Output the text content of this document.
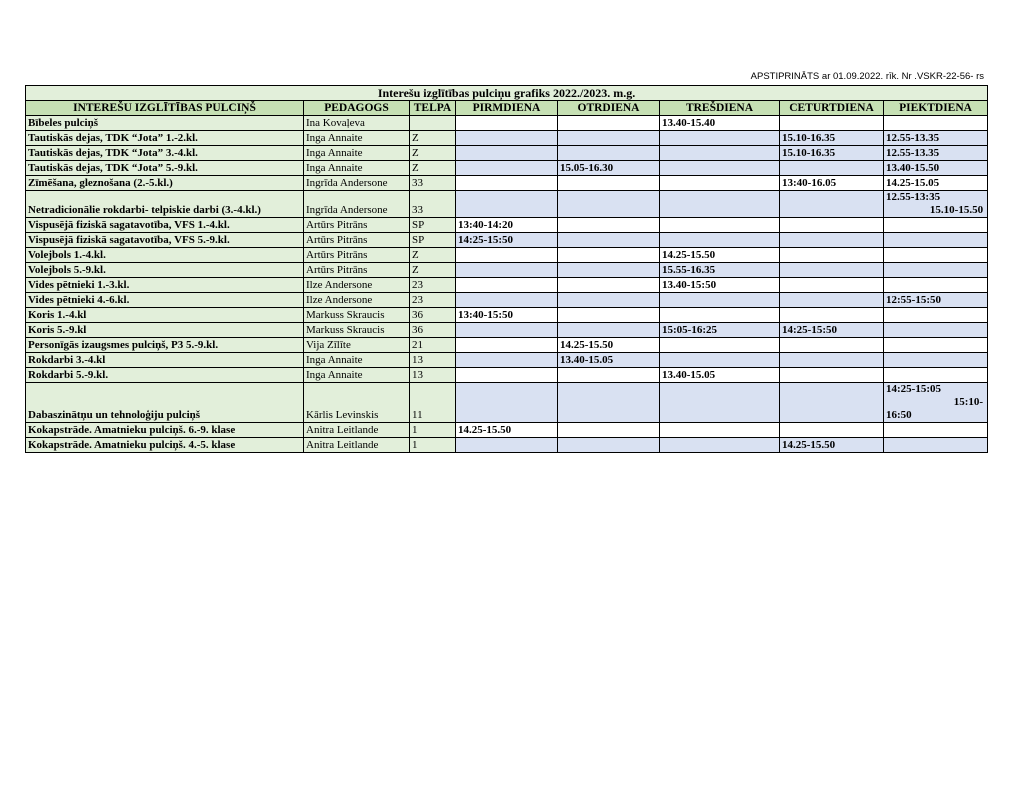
APSTIPRINĀTS ar 01.09.2022. rīk. Nr .VSKR-22-56- rs
Interešu izglītības pulciņu grafiks 2022./2023. m.g.							
INTEREŠU IZGLĪTĪBAS PULCIŅŠ	PEDAGOGS	TELPA	PIRMDIENA	OTRDIENA	TREŠDIENA	CETURTDIENA	PIEKTDIENA
Bībeles pulciņš	Ina Kovaļeva				13.40-15.40		
Tautiskās dejas, TDK “Jota” 1.-2.kl.	Inga Annaite	Z				15.10-16.35	12.55-13.35
Tautiskās dejas, TDK “Jota” 3.-4.kl.	Inga Annaite	Z				15.10-16.35	12.55-13.35
Tautiskās dejas, TDK “Jota” 5.-9.kl.	Inga Annaite	Z		15.05-16.30			13.40-15.50
Zīmēšana, gleznošana (2.-5.kl.)	Ingrīda Andersone	33				13:40-16.05	14.25-15.05
Netradicionālie rokdarbi- telpiskie darbi (3.-4.kl.)	Ingrīda Andersone	33					12.55-13:35
15.10-15.50

Vispusējā fiziskā sagatavotība, VFS 1.-4.kl.	Artūrs Pitrāns	SP	13:40-14:20				
Vispusējā fiziskā sagatavotība, VFS 5.-9.kl.	Artūrs Pitrāns	SP	14:25-15:50				
Volejbols 1.-4.kl.	Artūrs Pitrāns	Z			14.25-15.50		
Volejbols 5.-9.kl.	Artūrs Pitrāns	Z			15.55-16.35		
Vides pētnieki 1.-3.kl.	Ilze Andersone	23			13.40-15:50		
Vides pētnieki 4.-6.kl.	Ilze Andersone	23					12:55-15:50
Koris 1.-4.kl	Markuss Skraucis	36	13:40-15:50				
Koris 5.-9.kl	Markuss Skraucis	36			15:05-16:25	14:25-15:50	
Personīgās izaugsmes pulciņš, P3 5.-9.kl.	Vija Zīlīte	21		14.25-15.50			
Rokdarbi 3.-4.kl	Inga Annaite	13		13.40-15.05			
Rokdarbi 5.-9.kl.	Inga Annaite	13			13.40-15.05		
Dabaszinātņu un tehnoloģiju pulciņš	Kārlis Levinskis	11					14:25-15:05
15:10-
16:50

Kokapstrāde. Amatnieku pulciņš. 6.-9. klase	Anitra Leitlande	1	14.25-15.50				
Kokapstrāde. Amatnieku pulciņš. 4.-5. klase	Anitra Leitlande	1				14.25-15.50	
